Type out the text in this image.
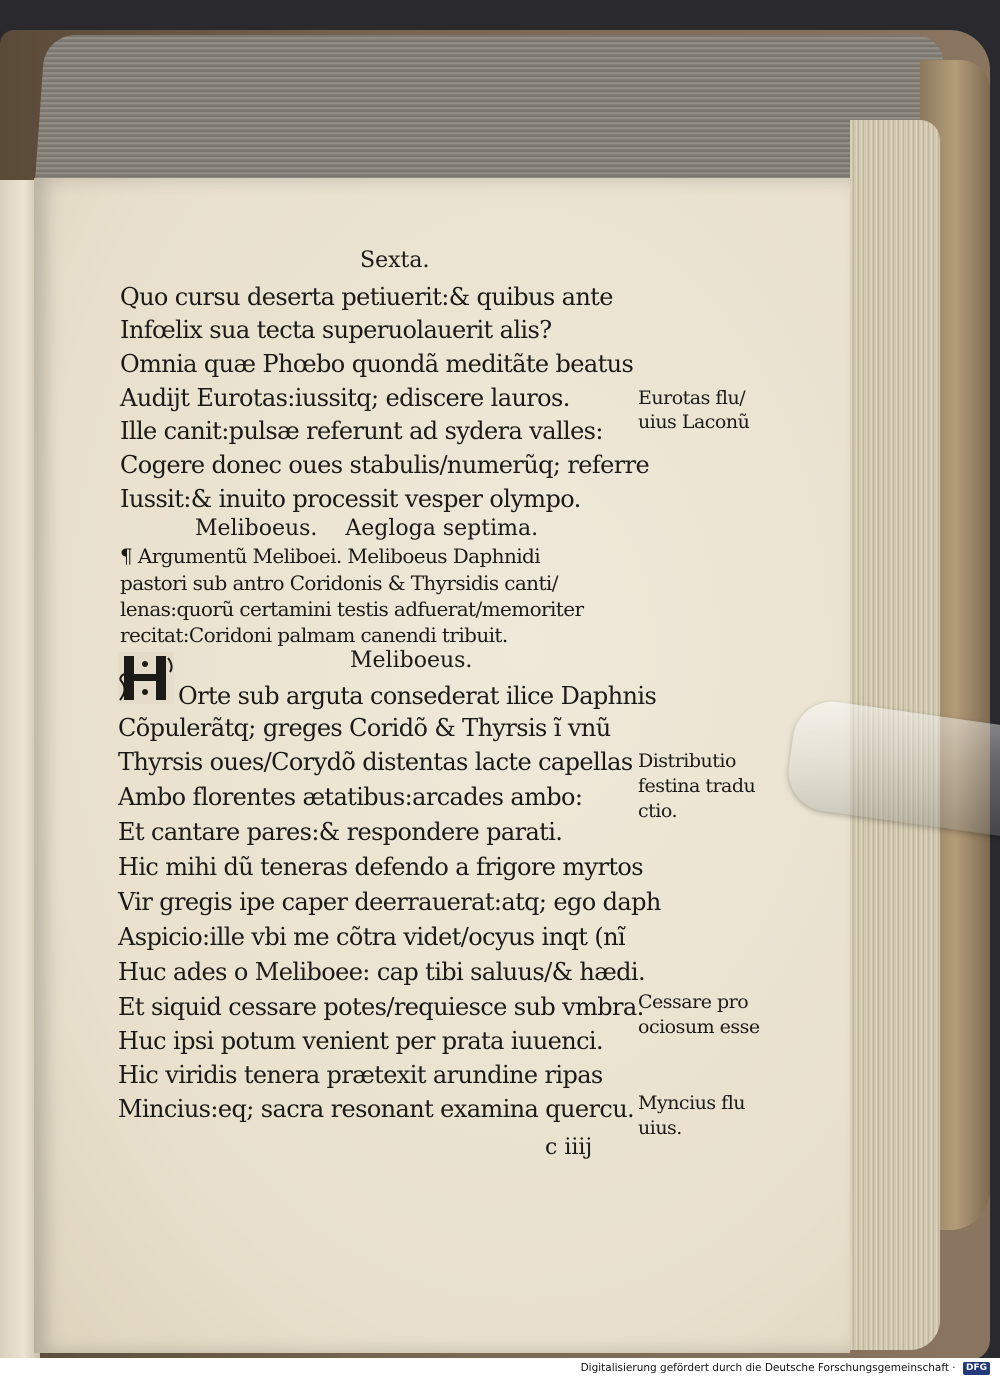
Sexta.
Quo cursu deserta petiuerit:& quibus ante
Infœlix sua tecta superuolauerit alis?
Omnia quæ Phœbo quondã meditãte beatus
Audijt Eurotas:iussitq; ediscere lauros.
Ille canit:pulsæ referunt ad sydera valles:
Cogere donec oues stabulis/numerũq; referre
Iussit:& inuito processit vesper olympo.
Meliboeus.    Aegloga septima.
¶ Argumentũ Meliboei. Meliboeus Daphnidi
pastori sub antro Coridonis & Thyrsidis canti/
lenas:quorũ certamini testis adfuerat/memoriter
recitat:Coridoni palmam canendi tribuit.
Meliboeus.
Orte sub arguta consederat ilice Daphnis
Cõpulerãtq; greges Coridõ & Thyrsis ĩ vnũ
Thyrsis oues/Corydõ distentas lacte capellas
Ambo florentes ætatibus:arcades ambo:
Et cantare pares:& respondere parati.
Hic mihi dũ teneras defendo a frigore myrtos
Vir gregis ipe caper deerrauerat:atq; ego daph
Aspicio:ille vbi me cõtra videt/ocyus inqt (nĩ
Huc ades o Meliboee: cap tibi saluus/& hædi.
Et siquid cessare potes/requiesce sub vmbra.
Huc ipsi potum venient per prata iuuenci.
Hic viridis tenera prætexit arundine ripas
Mincius:eq; sacra resonant examina quercu.
c iiij
Eurotas flu/
uius Laconũ
Distributio
festina tradu
ctio.
Cessare pro
ociosum esse
Myncius flu
uius.
Digitalisierung gefördert durch die Deutsche Forschungsgemeinschaft · DFG
